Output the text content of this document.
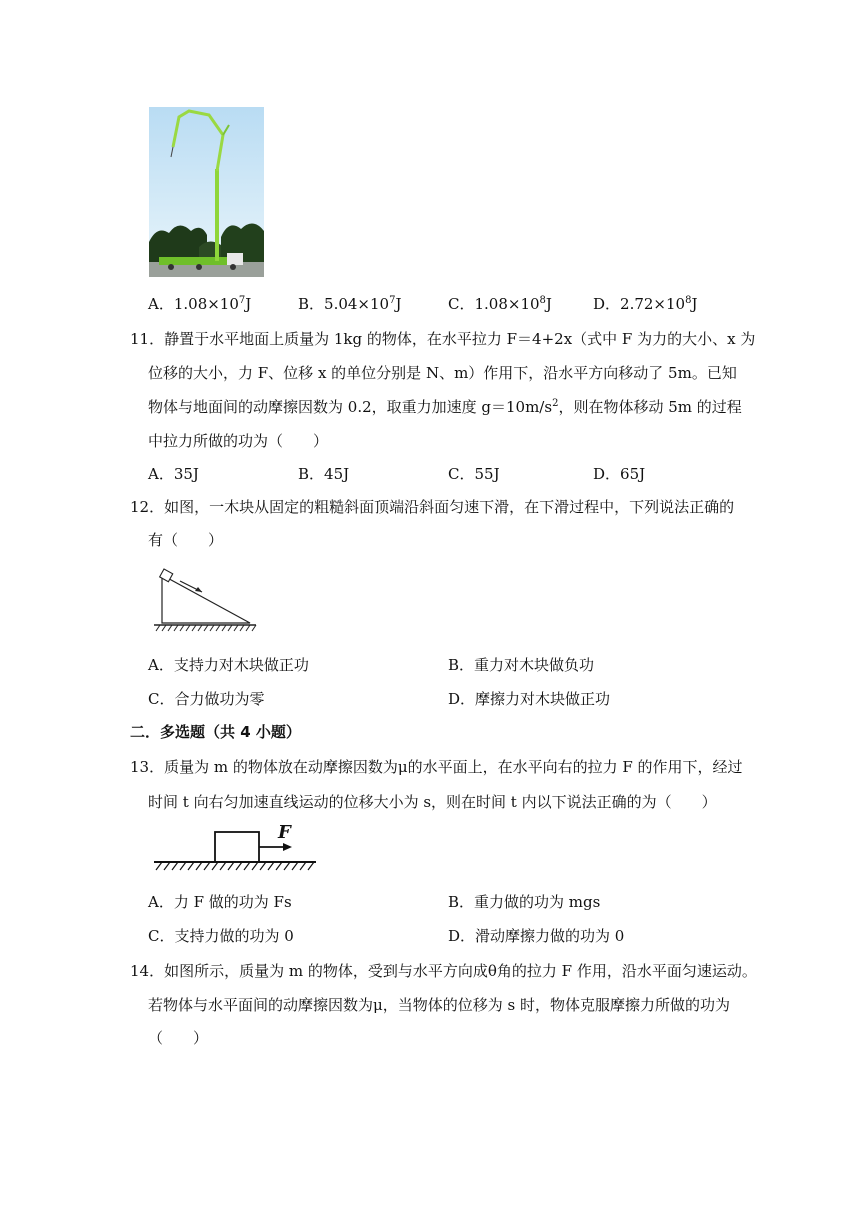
A．$1.08\times 10^7J$	B．$5.04\times 10^7J$	C．$1.08\times 10^8J$	D．$2.72\times 10^8J$
11．静置于水平地面上质量为 1kg 的物体，在水平拉力 F＝4+2x（式中 F 为力的大小、x 为
位移的大小，力 F、位移 x 的单位分别是 N、m）作用下，沿水平方向移动了 5m。已知
物体与地面间的动摩擦因数为 0.2，取重力加速度 $g=10m/s^2$，则在物体移动 5m 的过程
中拉力所做的功为（　　）
A．35J	B．45J	C．55J	D．65J
12．如图，一木块从固定的粗糙斜面顶端沿斜面匀速下滑，在下滑过程中，下列说法正确的
有（　　）
A．支持力对木块做正功	B．重力对木块做负功
C．合力做功为零	D．摩擦力对木块做正功
二．多选题（共 4 小题）
13．质量为 m 的物体放在动摩擦因数为μ的水平面上，在水平向右的拉力 F 的作用下，经过
时间 t 向右匀加速直线运动的位移大小为 s，则在时间 t 内以下说法正确的为（　　）
F
A．力 F 做的功为 Fs	B．重力做的功为 mgs
C．支持力做的功为 0	D．滑动摩擦力做的功为 0
14．如图所示，质量为 m 的物体，受到与水平方向成θ角的拉力 F 作用，沿水平面匀速运动。
若物体与水平面间的动摩擦因数为μ，当物体的位移为 s 时，物体克服摩擦力所做的功为
（　　）
